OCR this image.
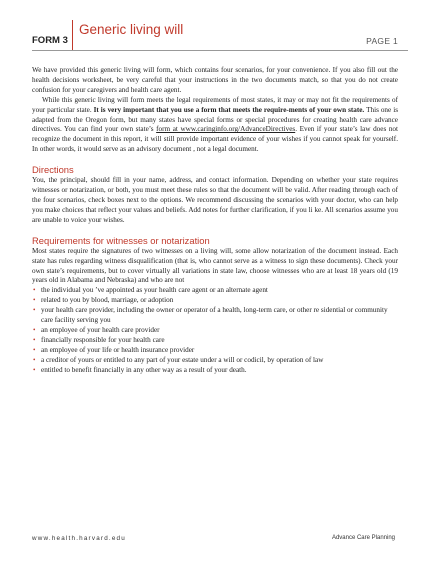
FORM 3
Generic living will
PAGE 1

We have provided this generic living will form, which contains four scenarios, for your convenience. If you also fill out the health decisions worksheet, be very careful that your instructions in the two documents match, so that you do not create confusion for your caregivers and health care agent.

While this generic living will form meets the legal requirements of most states, it may or may not fit the requirements of your particular state. It is very important that you use a form that meets the require-ments of your own state. This one is adapted from the Oregon form, but many states have special forms or special procedures for creating health care advance directives. You can find your own state’s form at www.caringinfo.org/AdvanceDirectives. Even if your state’s law does not recognize the document in this report, it will still provide important evidence of your wishes if you cannot speak for yourself. In other words, it would serve as an advisory document , not a legal document.

Directions

You, the principal, should fill in your name, address, and contact information. Depending on whether your state requires witnesses or notarization, or both, you must meet these rules so that the document will be valid. After reading through each of the four scenarios, check boxes next to the options. We recommend discussing the scenarios with your doctor, who can help you make choices that reflect your values and beliefs. Add notes for further clarification, if you li ke. All scenarios assume you are unable to voice your wishes.

Requirements for witnesses or notarization

Most states require the signatures of two witnesses on a living will, some allow notarization of the document instead. Each state has rules regarding witness disqualification (that is, who cannot serve as a witness to sign these documents). Check your own state’s requirements, but to cover virtually all variations in state law, choose witnesses who are at least 18 years old (19 years old in Alabama and Nebraska) and who are not

• the individual you ’ve appointed as your health care agent or an alternate agent
• related to you by blood, marriage, or adoption
• your health care provider, including the owner or operator of a health, long-term care, or other re sidential or community care facility serving you
• an employee of your health care provider
• financially responsible for your health care
• an employee of your life or health insurance provider
• a creditor of yours or entitled to any part of your estate under a will or codicil, by operation of law
• entitled to benefit financially in any other way as a result of your death.
www.health.harvard.edu	Advance Care Planning
